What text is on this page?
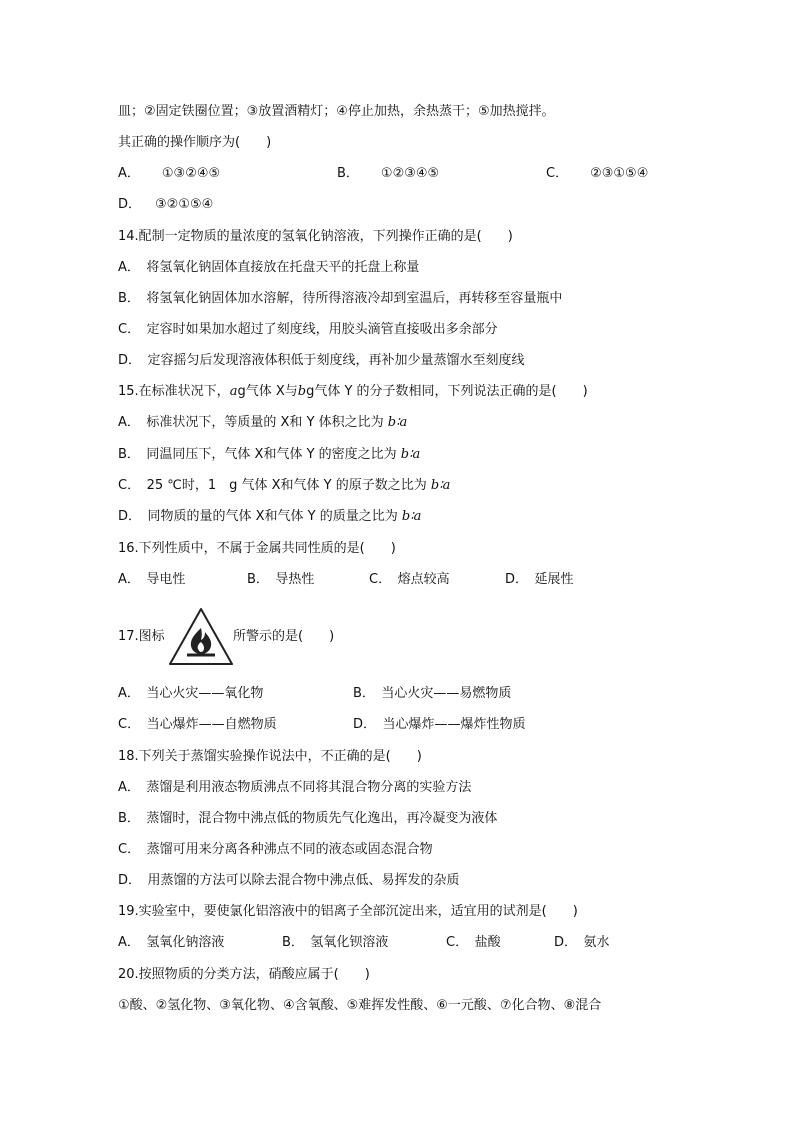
皿；②固定铁圈位置；③放置酒精灯；④停止加热，余热蒸干；⑤加热搅拌。
其正确的操作顺序为(　　)
A． ①③②④⑤	B． ①②③④⑤	C． ②③①⑤④
D． ③②①⑤④
14.配制一定物质的量浓度的氢氧化钠溶液，下列操作正确的是(　　)
A．　将氢氧化钠固体直接放在托盘天平的托盘上称量
B．　将氢氧化钠固体加水溶解，待所得溶液冷却到室温后，再转移至容量瓶中
C．　定容时如果加水超过了刻度线，用胶头滴管直接吸出多余部分
D．　定容摇匀后发现溶液体积低于刻度线，再补加少量蒸馏水至刻度线
15.在标准状况下，ag气体 X与bg气体 Y 的分子数相同，下列说法正确的是(　　)
A．　标准状况下，等质量的 X和 Y 体积之比为 b∶a
B．　同温同压下，气体 X和气体 Y 的密度之比为 b∶a
C．　25 ℃时，1　g 气体 X和气体 Y 的原子数之比为 b∶a
D．　同物质的量的气体 X和气体 Y 的质量之比为 b∶a
16.下列性质中，不属于金属共同性质的是(　　)
A．　导电性	B．　导热性	C．　熔点较高	D．　延展性
17.图标	所警示的是(　　)
A．　当心火灾——氧化物	B．　当心火灾——易燃物质
C．　当心爆炸——自燃物质	D．　当心爆炸——爆炸性物质
18.下列关于蒸馏实验操作说法中，不正确的是(　　)
A．　蒸馏是利用液态物质沸点不同将其混合物分离的实验方法
B．　蒸馏时，混合物中沸点低的物质先气化逸出，再冷凝变为液体
C．　蒸馏可用来分离各种沸点不同的液态或固态混合物
D．　用蒸馏的方法可以除去混合物中沸点低、易挥发的杂质
19.实验室中，要使氯化铝溶液中的铝离子全部沉淀出来，适宜用的试剂是(　　)
A．　氢氧化钠溶液	B．　氢氧化钡溶液	C．　盐酸	D．　氨水
20.按照物质的分类方法，硝酸应属于(　　)
①酸、②氢化物、③氧化物、④含氧酸、⑤难挥发性酸、⑥一元酸、⑦化合物、⑧混合
